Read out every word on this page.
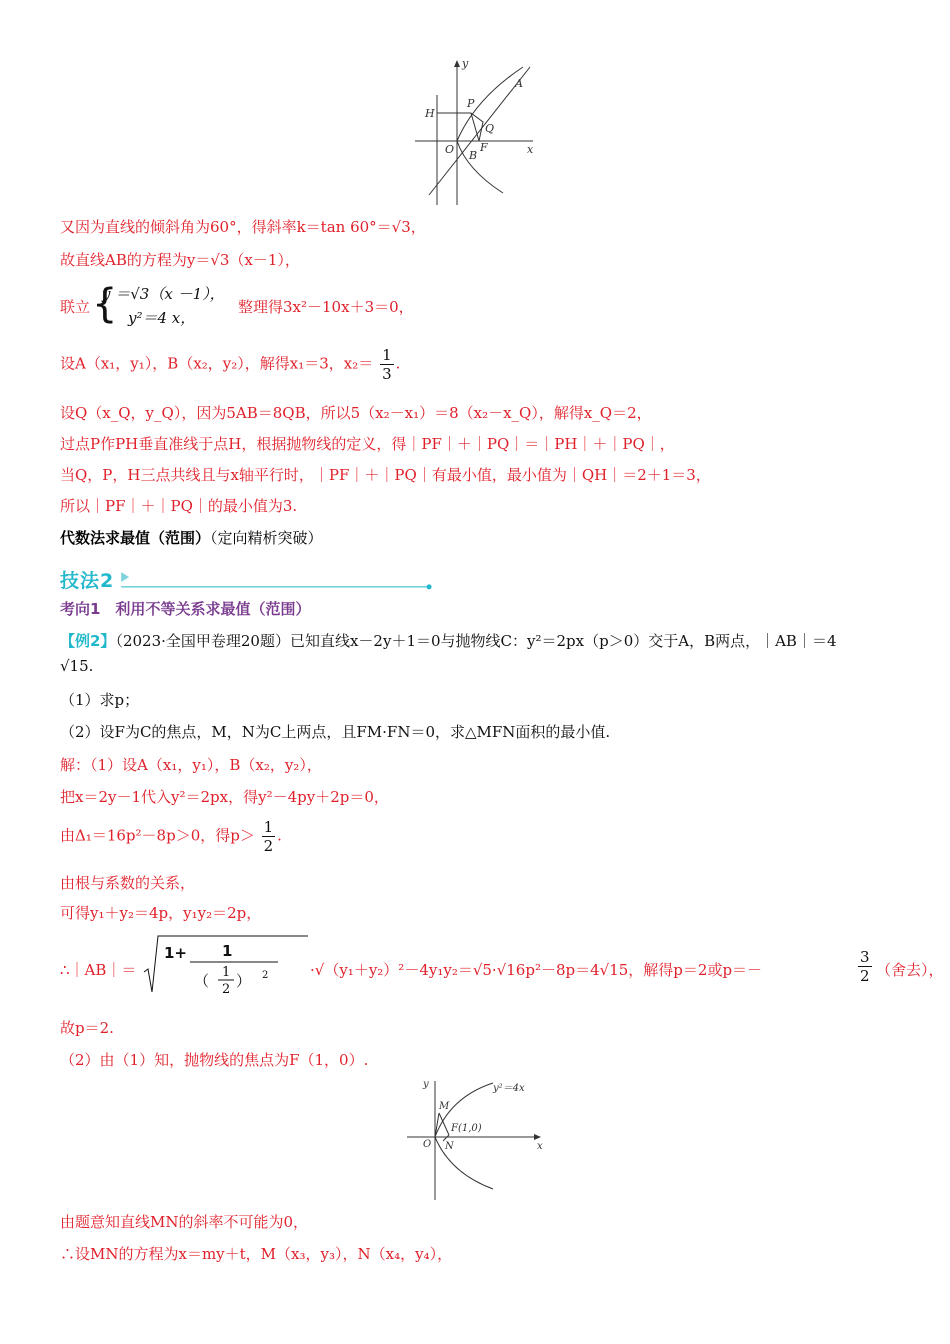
y
x
A
H
P
Q
O F
B
又因为直线的倾斜角为60°，得斜率k＝tan 60°＝√3，
故直线AB的方程为y＝√3（x－1），
联立 {
y ＝√3（x －1），
y²＝4 x，
整理得3x²－10x＋3＝0，
设A（x₁，y₁），B（x₂，y₂），解得x₁＝3，$x_2= \frac{1}{3}$ .
设Q（x_Q，y_Q），因为5AB＝8QB，所以5（x₂－x₁）＝8（x₂－x_Q），解得x_Q＝2，
过点P作PH垂直准线于点H，根据抛物线的定义，得｜PF｜＋｜PQ｜＝｜PH｜＋｜PQ｜，
当Q，P，H三点共线且与x轴平行时，｜PF｜＋｜PQ｜有最小值，最小值为｜QH｜＝2＋1＝3，
所以｜PF｜＋｜PQ｜的最小值为3.
代数法求最值（范围）（定向精析突破）
技法2
考向1　利用不等关系求最值（范围）
【例2】（2023·全国甲卷理20题）已知直线x－2y＋1＝0与抛物线C：y²＝2px（p＞0）交于A，B两点，｜AB｜＝4
√15.
（1）求p；
（2）设F为C的焦点，M，N为C上两点，且FM·FN＝0，求△MFN面积的最小值.
解：（1）设A（x₁，y₁），B（x₂，y₂），
把x＝2y－1代入y²＝2px，得y²－4py＋2p＝0，
由Δ₁＝16p²－8p＞0，得$p> \frac{1}{2}$ .
由根与系数的关系，
可得y₁＋y₂＝4p，y₁y₂＝2p，
∴｜AB｜＝
1+ 1
（ 1
2 ） 2	·√（y₁＋y₂）²－4y₁y₂＝√5·√16p²－8p＝4√15，解得p＝2或p＝－	$\frac{3}{2}$ （舍去），
故p＝2.
（2）由（1）知，抛物线的焦点为F（1，0）.
y
x
y²＝4x
M
F(1,0)
O N
由题意知直线MN的斜率不可能为0，
∴设MN的方程为x＝my＋t，M（x₃，y₃），N（x₄，y₄），
